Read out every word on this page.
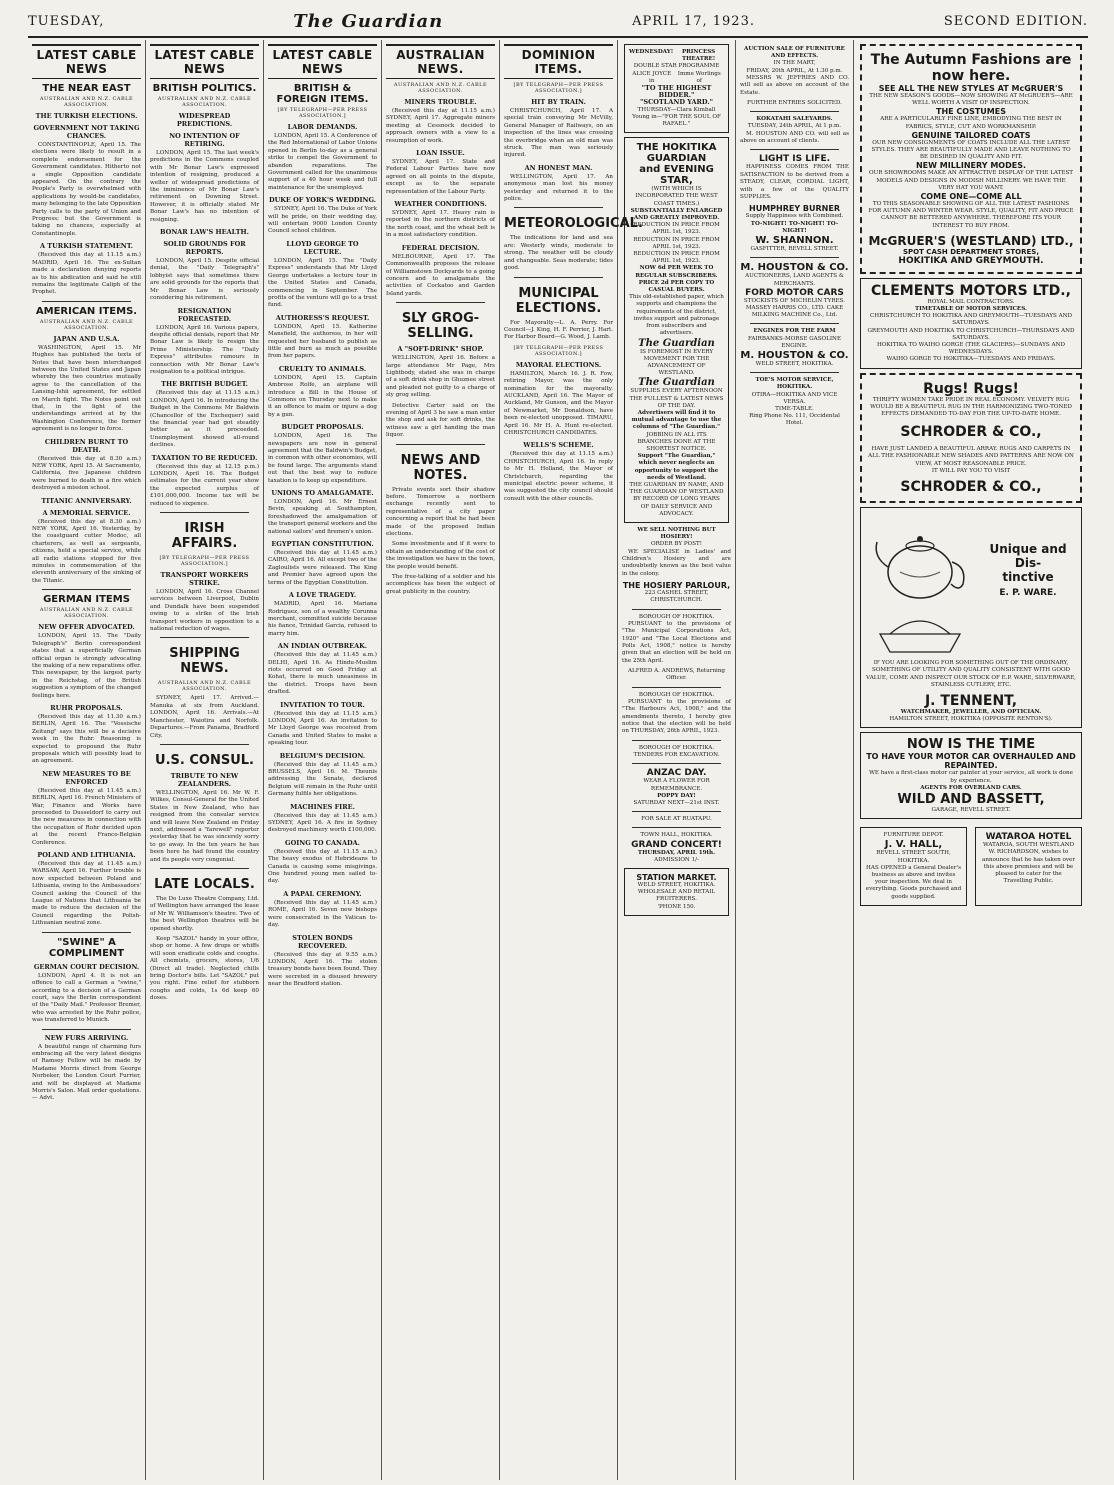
TUESDAY,	The Guardian	APRIL 17, 1923.	SECOND EDITION.
LATEST CABLE NEWS
THE NEAR EAST
AUSTRALIAN AND N.Z. CABLE ASSOCIATION.
THE TURKISH ELECTIONS.
GOVERNMENT NOT TAKING CHANCES.

CONSTANTINOPLE, April 15. The elections were likely to result in a complete endorsement for the Government candidates. Hitherto not a single Opposition candidate appeared. On the contrary the People's Party is overwhelmed with applications by would-be candidates, many belonging to the late Opposition Party calls to the party of Union and Progress; but the Government is taking no chances, especially at Constantinople.

A TURKISH STATEMENT.

(Received this day at 11.15 a.m.) MADRID, April 16. The ex-Sultan made a declaration denying reports as to his abdication and said he still remains the legitimate Caliph of the Prophet.

AMERICAN ITEMS.
AUSTRALIAN AND N.Z. CABLE ASSOCIATION.
JAPAN AND U.S.A.

WASHINGTON, April 15. Mr Hughes has published the texts of Notes that have been interchanged between the United States and Japan whereby the two countries mutually agree to the cancellation of the Lansing-Ishii agreement, for settled on March fight. The Notes point out that, in the light of the understandings arrived at by the Washington Conference, the former agreement is no longer in force.

CHILDREN BURNT TO DEATH.

(Received this day at 8.30 a.m.) NEW YORK, April 15. At Sacramento, California, five Japanese children were burned to death in a fire which destroyed a mission school.

TITANIC ANNIVERSARY.
A MEMORIAL SERVICE.

(Received this day at 8.30 a.m.) NEW YORK, April 16. Yesterday, by the coastguard cutter Modoc, all charterers, as well as sergeants, citizens, held a special service, while all radio stations stopped for five minutes in commemoration of the eleventh anniversary of the sinking of the Titanic.

GERMAN ITEMS
AUSTRALIAN AND N.Z. CABLE ASSOCIATION.
NEW OFFER ADVOCATED.

LONDON, April 15. The "Daily Telegraph's" Berlin correspondent states that a superficially German official organ is strongly advocating the making of a new reparations offer. This newspaper, by the largest party in the Reichstag, of the British suggestion a symptom of the changed feelings here.

RUHR PROPOSALS.

(Received this day at 11.30 a.m.) BERLIN, April 16. The "Vossische Zeitung" says this will be a decisive week in the Ruhr. Reasoning is expected to propound the Ruhr proposals which will possibly lead to an agreement.

NEW MEASURES TO BE ENFORCED

(Received this day at 11.45 a.m.) BERLIN, April 16. French Ministers of War, Finance and Works have proceeded to Dusseldorf to carry out the new measures in connection with the occupation of Ruhr decided upon at the recent Franco-Belgian Conference.

POLAND AND LITHUANIA.

(Received this day at 11.45 a.m.) WARSAW, April 16. Further trouble is now expected between Poland and Lithuania, owing to the Ambassadors' Council asking the Council of the League of Nations that Lithuania be made to reduce the decision of the Council regarding the Polish-Lithuanian neutral zone.

"SWINE" A COMPLIMENT
GERMAN COURT DECISION.

LONDON, April 4. It is not an offence to call a German a "swine," according to a decision of a German court, says the Berlin correspondent of the "Daily Mail." Professor Bremer, who was arrested by the Ruhr police, was transferred to Munich.

NEW FURS ARRIVING.

A beautiful range of charming furs embracing all the very latest designs of Ramsey Fellow will be made by Madame Morris direct from George Norbeker, the London Court Furrier, and will be displayed at Madame Morris's Salon. Mail order quotations. — Advt.

LATEST CABLE NEWS
BRITISH POLITICS.
AUSTRALIAN AND N.Z. CABLE ASSOCIATION.
WIDESPREAD PREDICTIONS.
NO INTENTION OF RETIRING.

LONDON, April 15. The last week's predictions in the Commons coupled with Mr Bonar Law's expressed intention of resigning, produced a welter of widespread predictions of the imminence of Mr Bonar Law's retirement on Downing Street. However, it is officially stated Mr Bonar Law's has no intention of resigning.

BONAR LAW'S HEALTH.
SOLID GROUNDS FOR REPORTS.

LONDON, April 15. Despite official denial, the "Daily Telegraph's" lobbyist says that sometimes there are solid grounds for the reports that Mr Bonar Law is seriously considering his retirement.

RESIGNATION FORECASTED.

LONDON, April 16. Various papers, despite official denials, report that Mr Bonar Law is likely to resign the Prime Ministership. The "Daily Express" attributes rumours in connection with Mr Bonar Law's resignation to a political intrigue.

THE BRITISH BUDGET.

(Received this day at 11.15 a.m.) LONDON, April 16. In introducing the Budget in the Commons Mr Baldwin (Chancellor of the Exchequer) said the financial year had got steadily better as it proceeded. Unemployment showed all-round declines.

TAXATION TO BE REDUCED.

(Received this day at 12.15 p.m.) LONDON, April 16. The Budget estimates for the current year show the expected surplus of £101,000,000. Income tax will be reduced to sixpence.

IRISH AFFAIRS.
[BY TELEGRAPH—PER PRESS ASSOCIATION.]
TRANSPORT WORKERS STRIKE.

LONDON, April 16. Cross Channel services between Liverpool, Dublin and Dundalk have been suspended owing to a strike of the Irish transport workers in opposition to a national reduction of wages.

SHIPPING NEWS.
AUSTRALIAN AND N.Z. CABLE ASSOCIATION.

SYDNEY, April 17. Arrived.—Manuka at six from Auckland. LONDON, April 16. Arrivals.—At Manchester, Waiotira and Norfolk. Departures.—From Panama, Bradford City.

U.S. CONSUL.
TRIBUTE TO NEW ZEALANDERS.

WELLINGTON, April 16. Mr W. F. Wilkes, Consul-General for the United States in New Zealand, who has resigned from the consular service and will leave New Zealand on Friday next, addressed a "farewell" reporter yesterday that he was sincerely sorry to go away. In the ten years he has been here he had found the country and its people very congenial.

LATE LOCALS.

The Do Luxe Theatre Company, Ltd. of Wellington have arranged the lease of Mr W. Williamson's theatre. Two of the best Wellington theatres will be opened shortly.

Keep "SAZOL" handy in your office, shop or home. A few drops or whiffs will soon eradicate colds and coughs. All chemists, grocers, stores, 1/6 (Direct all trade). Neglected chills bring Doctor's bills. Let "SAZOL" put you right. Fine relief for stubborn coughs and colds, 1s 6d keep 60 doses.

LATEST CABLE NEWS
BRITISH & FOREIGN ITEMS.
[BY TELEGRAPH—PER PRESS ASSOCIATION.]
LABOR DEMANDS.

LONDON, April 15. A Conference of the Red International of Labor Unions opened in Berlin to-day as a general strike to compel the Government to abandon reparations. The Government called for the unanimous support of a 40 hour week and full maintenance for the unemployed.

DUKE OF YORK'S WEDDING.

SYDNEY, April 16. The Duke of York will be pride, on their wedding day, will entertain 9000 London County Council school children.

LLOYD GEORGE TO LECTURE.

LONDON, April 15. The "Daily Express" understands that Mr Lloyd George undertakes a lecture tour in the United States and Canada, commencing in September. The profits of the venture will go to a trust fund.

AUTHORESS'S REQUEST.

LONDON, April 15. Katherine Mansfield, the authoress, in her will requested her husband to publish as little and burn as much as possible from her papers.

CRUELTY TO ANIMALS.

LONDON, April 15. Captain Ambrose Rolfe, an airplane will introduce a Bill in the House of Commons on Thursday next to make it an offence to maim or injure a dog by a gun.

BUDGET PROPOSALS.

LONDON, April 16. The newspapers are now in general agreement that the Baldwin's Budget, in common with other economies, will be found large. The arguments stand out that the best way to reduce taxation is to keep up expenditure.

UNIONS TO AMALGAMATE.

LONDON, April 16. Mr Ernest Bevin, speaking at Southampton, foreshadowed the amalgamation of the transport general workers and the national sailors' and firemen's union.

EGYPTIAN CONSTITUTION.

(Received this day at 11.45 a.m.) CAIRO, April 16. All except two of the Zagloulists were released. The King and Premier have agreed upon the terms of the Egyptian Constitution.

A LOVE TRAGEDY.

MADRID, April 16. Mariana Rodriguez, son of a wealthy Corunna merchant, committed suicide because his fiance, Trinidad Garcia, refused to marry him.

AN INDIAN OUTBREAK.

(Received this day at 11.45 a.m.) DELHI, April 16. As Hindu-Muslim riots occurred on Good Friday at Kohat, there is much uneasiness in the district. Troops have been drafted.

INVITATION TO TOUR.

(Received this day at 11.15 a.m.) LONDON, April 16. An invitation to Mr Lloyd George was received from Canada and United States to make a speaking tour.

BELGIUM'S DECISION.

(Received this day at 11.45 a.m.) BRUSSELS, April 16. M. Theunis addressing the Senate, declared Belgium will remain in the Ruhr until Germany fulfils her obligations.

MACHINES FIRE.

(Received this day at 11.45 a.m.) SYDNEY, April 16. A fire in Sydney destroyed machinery worth £100,000.

GOING TO CANADA.

(Received this day at 11.15 a.m.) The heavy exodus of Hebrideans to Canada is causing some misgivings. One hundred young men sailed to-day.

A PAPAL CEREMONY.

(Received this day at 11.45 a.m.) ROME, April 16. Seven new bishops were consecrated in the Vatican to-day.

STOLEN BONDS RECOVERED.

(Received this day at 9.55 a.m.) LONDON, April 16. The stolen treasury bonds have been found. They were secreted in a disused brewery near the Bradford station.

AUSTRALIAN NEWS.
AUSTRALIAN AND N.Z. CABLE ASSOCIATION.
MINERS TROUBLE.

(Received this day at 11.15 a.m.) SYDNEY, April 17. Aggregate miners meeting at Cessnock decided to approach owners with a view to a resumption of work.

LOAN ISSUE.

SYDNEY, April 17. State and Federal Labour Parties have now agreed on all points in the dispute, except as to the separate representation of the Labour Party.

WEATHER CONDITIONS.

SYDNEY, April 17. Heavy rain is reported in the northern districts of the north coast, and the wheat belt is in a most satisfactory condition.

FEDERAL DECISION.

MELBOURNE, April 17. The Commonwealth proposes the release of Williamstown Dockyards to a going concern and to amalgamate the activities of Cockatoo and Garden Island yards.

SLY GROG-SELLING.
A "SOFT-DRINK" SHOP.

WELLINGTON, April 16. Before a large attendance Mr Page, Mrs Lightbody, stated she was in charge of a soft drink shop in Ghuznee street and pleaded not guilty to a charge of sly grog selling.

Detective Carter said on the evening of April 3 he saw a man enter the shop and ask for soft drinks, the witness saw a girl handing the man liquor.

NEWS AND NOTES.

Private events sort their shadow before. Tomorrow a northern exchange recently sent to representative of a city paper concerning a report that he had been made of the proposed Indian elections.

Some investments and if it were to obtain an understanding of the cost of the investigation we have in the town, the people would benefit.

The free-talking of a soldier and his accomplices has been the subject of great publicity in the country.

DOMINION ITEMS.
[BY TELEGRAPH—PER PRESS ASSOCIATION.]
HIT BY TRAIN.

CHRISTCHURCH, April 17. A special train conveying Mr McVilly, General Manager of Railways, on an inspection of the lines was crossing the overbridge when an old man was struck. The man was seriously injured.

AN HONEST MAN.

WELLINGTON, April 17. An anonymous man lost his money yesterday and returned it to the police.

METEOROLOGICAL.

The indications for land and sea are: Westerly winds, moderate to strong. The weather will be cloudy and changeable. Seas moderate; tides good.

MUNICIPAL ELECTIONS.

For Mayoralty—L. A. Perry. For Council—J. King, H. F. Perrier, J. Hart. For Harbor Board—G. Wood, J. Lamb.

[BY TELEGRAPH—PER PRESS ASSOCIATION.]
MAYORAL ELECTIONS.

HAMILTON, March 16. J. R. Fow, retiring Mayor, was the only nomination for the mayoralty. AUCKLAND, April 16. The Mayor of Auckland, Mr Gunson, and the Mayor of Newmarket, Mr Donaldson, have been re-elected unopposed. TIMARU, April 16. Mr H. A. Hunt re-elected. CHRISTCHURCH CANDIDATES.

WELLS'S SCHEME.

(Received this day at 11.15 a.m.) CHRISTCHURCH, April 16. In reply to Mr H. Holland, the Mayor of Christchurch, regarding the municipal electric power scheme, it was suggested the city council should consult with the other councils.

WEDNESDAY!	PRINCESS THEATRE!
DOUBLE STAR PROGRAMME
ALICE JOYCE in
Imme Worlings of
"TO THE HIGHEST BIDDER."
"SCOTLAND YARD."
THURSDAY—Clara Kimball Young in—"FOR THE SOUL OF RAFAEL."
THE HOKITIKA GUARDIAN
and EVENING STAR,
(WITH WHICH IS INCORPORATED THE WEST COAST TIMES.)
SUBSTANTIALLY ENLARGED AND GREATLY IMPROVED.
REDUCTION IN PRICE FROM APRIL 1st, 1923.
REDUCTION IN PRICE FROM APRIL 1st, 1923.
REDUCTION IN PRICE FROM APRIL 1st, 1923.
NOW 6d PER WEEK TO REGULAR SUBSCRIBERS. PRICE 2d PER COPY TO CASUAL BUYERS.
This old-established paper, which supports and champions the requirements of the district, invites support and patronage from subscribers and advertisers.
The Guardian
IS FOREMOST IN EVERY MOVEMENT FOR THE ADVANCEMENT OF WESTLAND.
The Guardian
SUPPLIES EVERY AFTERNOON THE FULLEST & LATEST NEWS OF THE DAY.
Advertisers will find it to mutual advantage to use the columns of "The Guardian."
JOBBING IN ALL ITS BRANCHES DONE AT THE SHORTEST NOTICE.
Support "The Guardian," which never neglects an opportunity to support the needs of Westland.
THE GUARDIAN BY NAME, AND THE GUARDIAN OF WESTLAND BY RECORD OF LONG YEARS OF DAILY SERVICE AND ADVOCACY.
WE SELL NOTHING BUT HOSIERY!
ORDER BY POST!

WE SPECIALISE in Ladies' and Children's Hosiery and are undoubtedly known as the best value in the colony.

THE HOSIERY PARLOUR,
223 CASHEL STREET, CHRISTCHURCH.
BOROUGH OF HOKITIKA.

PURSUANT to the provisions of "The Municipal Corporations Act, 1920" and "The Local Elections and Polls Act, 1908," notice is hereby given that an election will be held on the 25th April.

ALFRED A. ANDREWS, Returning Officer.
BOROUGH OF HOKITIKA.

PURSUANT to the provisions of "The Harbours Act, 1908," and the amendments thereto, I hereby give notice that the election will be held on THURSDAY, 26th APRIL, 1923.

BOROUGH OF HOKITIKA.
TENDERS FOR EXCAVATION.
ANZAC DAY.
WEAR A FLOWER FOR REMEMBRANCE.
POPPY DAY!
SATURDAY NEXT—21st INST.
FOR SALE AT RUATAPU.
TOWN HALL, HOKITIKA.
GRAND CONCERT!
THURSDAY, APRIL 19th.
ADMISSION 1/-
STATION MARKET.
WELD STREET, HOKITIKA.
WHOLESALE AND RETAIL FRUITERERS.
'PHONE 150.
AUCTION SALE OF FURNITURE AND EFFECTS.
IN THE MART,
FRIDAY, 20th APRIL, At 1.30 p.m.

MESSRS W. JEFFRIES AND CO. will sell as above on account of the Estate.

FURTHER ENTRIES SOLICITED.
KOKATAHI SALEYARDS.
TUESDAY, 24th APRIL, At 1 p.m.

M. HOUSTON AND CO. will sell as above on account of clients.

LIGHT IS LIFE.

HAPPINESS COMES FROM THE SATISFACTION to be derived from a STEADY, CLEAR, CORDIAL LIGHT, with a few of the QUALITY SUPPLIES.

HUMPHREY BURNER
Supply Happiness with Combined.
TO-NIGHT! TO-NIGHT! TO-NIGHT!
W. SHANNON.
GASFITTER, REVELL STREET.
M. HOUSTON & CO.
AUCTIONEERS, LAND AGENTS & MERCHANTS.
FORD MOTOR CARS
STOCKISTS OF MICHELIN TYRES.
MASSEY HARRIS CO., LTD. CAKE MILKING MACHINE Co., Ltd.
ENGINES FOR THE FARM
FAIRBANKS-MORSE GASOLINE ENGINE.
M. HOUSTON & CO.
WELD STREET, HOKITIKA.
TOE'S MOTOR SERVICE, HOKITIKA.
OTIRA—HOKITIKA AND VICE VERSA.
TIME-TABLE.
Ring Phone No. 111, Occidental Hotel.
The Autumn Fashions are
now here.
SEE ALL THE NEW STYLES AT McGRUER'S
THE NEW SEASON'S GOODS—NOW SHOWING AT McGRUER'S—ARE WELL WORTH A VISIT OF INSPECTION.
THE COSTUMES
ARE A PARTICULARLY FINE LINE, EMBODYING THE BEST IN FABRICS, STYLE, CUT AND WORKMANSHIP.
GENUINE TAILORED COATS
OUR NEW CONSIGNMENTS OF COATS INCLUDE ALL THE LATEST STYLES. THEY ARE BEAUTIFULLY MADE AND LEAVE NOTHING TO BE DESIRED IN QUALITY AND FIT.
NEW MILLINERY MODES.
OUR SHOWROOMS MAKE AN ATTRACTIVE DISPLAY OF THE LATEST MODELS AND DESIGNS IN MODISH MILLINERY. WE HAVE THE VERY HAT YOU WANT.
COME ONE—COME ALL
TO THIS SEASONABLE SHOWING OF ALL THE LATEST FASHIONS FOR AUTUMN AND WINTER WEAR. STYLE, QUALITY, FIT AND PRICE CANNOT BE BETTERED ANYWHERE. THEREFORE ITS YOUR INTEREST TO BUY FROM.
McGRUER'S (WESTLAND) LTD.,
SPOT CASH DEPARTMENT STORES,
HOKITIKA AND GREYMOUTH.
CLEMENTS MOTORS LTD.,
ROYAL MAIL CONTRACTORS.
TIMETABLE OF MOTOR SERVICES.
CHRISTCHURCH TO HOKITIKA AND GREYMOUTH—TUESDAYS AND SATURDAYS.
GREYMOUTH AND HOKITIKA TO CHRISTCHURCH—THURSDAYS AND SATURDAYS.
HOKITIKA TO WAIHO GORGE (THE GLACIERS)—SUNDAYS AND WEDNESDAYS.
WAIHO GORGE TO HOKITIKA—TUESDAYS AND FRIDAYS.
Rugs! Rugs!
THRIFTY WOMEN TAKE PRIDE IN REAL ECONOMY. VELVETY RUG WOULD BE A BEAUTIFUL RUG IN THE HARMONIZING TWO-TONED EFFECTS DEMANDED TO-DAY FOR THE UP-TO-DATE HOME.
SCHRODER & CO.,
HAVE JUST LANDED A BEAUTIFUL ARRAY. RUGS AND CARPETS IN ALL THE FASHIONABLE NEW SHADES AND PATTERNS ARE NOW ON VIEW, AT MOST REASONABLE PRICE.
IT WILL PAY YOU TO VISIT
SCHRODER & CO.,
Unique and Dis-
tinctive
E. P. WARE.
IF YOU ARE LOOKING FOR SOMETHING OUT OF THE ORDINARY, SOMETHING OF UTILITY AND QUALITY CONSISTENT WITH GOOD VALUE, COME AND INSPECT OUR STOCK OF E.P. WARE, SILVERWARE, STAINLESS CUTLERY, ETC.
J. TENNENT,
WATCHMAKER, JEWELLER, AND OPTICIAN.
HAMILTON STREET, HOKITIKA (OPPOSITE RENTON'S).
NOW IS THE TIME
TO HAVE YOUR MOTOR CAR OVERHAULED AND REPAINTED.
WE have a first-class motor car painter at your service, all work is done by experience.
AGENTS FOR OVERLAND CARS.
WILD AND BASSETT,
GARAGE, REVELL STREET.
FURNITURE DEPOT.
J. V. HALL,
REVELL STREET SOUTH, HOKITIKA.
HAS OPENED a General Dealer's business as above and invites your inspection. We deal in everything. Goods purchased and goods supplied.
WATAROA HOTEL
WATAROA, SOUTH WESTLAND
W. RICHARDSON, wishes to announce that he has taken over this above premises and will be pleased to cater for the Travelling Public.
